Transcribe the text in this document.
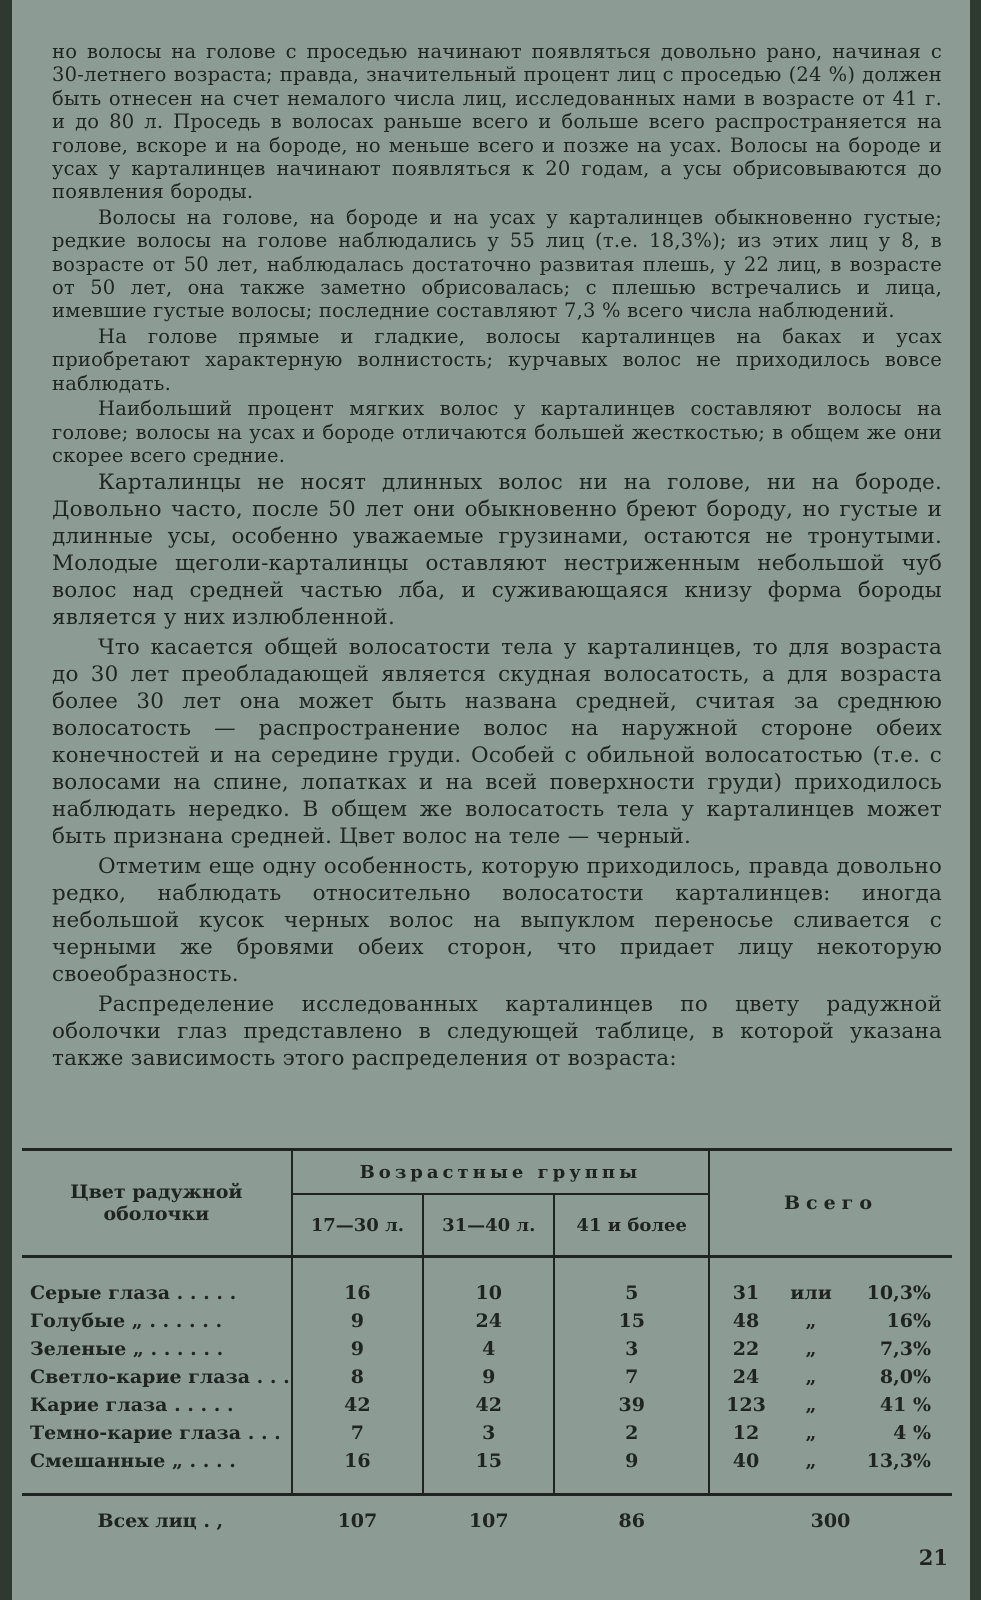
но волосы на голове с проседью начинают появляться довольно рано, начиная с 30-летнего возраста; правда, значительный процент лиц с проседью (24 %) должен быть отнесен на счет немалого числа лиц, исследованных нами в возрасте от 41 г. и до 80 л. Проседь в волосах раньше всего и больше всего распространяется на голове, вскоре и на бороде, но меньше всего и позже на усах. Волосы на бороде и усах у карталинцев начинают появляться к 20 годам, а усы обрисовываются до появления бороды.

Волосы на голове, на бороде и на усах у карталинцев обыкновенно густые; редкие волосы на голове наблюдались у 55 лиц (т.е. 18,3%); из этих лиц у 8, в возрасте от 50 лет, наблюдалась достаточно развитая плешь, у 22 лиц, в возрасте от 50 лет, она также заметно обрисовалась; с плешью встречались и лица, имевшие густые волосы; последние составляют 7,3 % всего числа наблюдений.

На голове прямые и гладкие, волосы карталинцев на баках и усах приобретают характерную волнистость; курчавых волос не приходилось вовсе наблюдать.

Наибольший процент мягких волос у карталинцев составляют волосы на голове; волосы на усах и бороде отличаются большей жесткостью; в общем же они скорее всего средние.

Карталинцы не носят длинных волос ни на голове, ни на бороде. Довольно часто, после 50 лет они обыкновенно бреют бороду, но густые и длинные усы, особенно уважаемые грузинами, остаются не тронутыми. Молодые щеголи-карталинцы оставляют нестриженным небольшой чуб волос над средней частью лба, и суживающаяся книзу форма бороды является у них излюбленной.

Что касается общей волосатости тела у карталинцев, то для возраста до 30 лет преобладающей является скудная волосатость, а для возраста более 30 лет она может быть названа средней, считая за среднюю волосатость — распространение волос на наружной стороне обеих конечностей и на середине груди. Особей с обильной волосатостью (т.е. с волосами на спине, лопатках и на всей поверхности груди) приходилось наблюдать нередко. В общем же волосатость тела у карталинцев может быть признана средней. Цвет волос на теле — черный.

Отметим еще одну особенность, которую приходилось, правда довольно редко, наблюдать относительно волосатости карталинцев: иногда небольшой кусок черных волос на выпуклом переносье сливается с черными же бровями обеих сторон, что придает лицу некоторую своеобразность.

Распределение исследованных карталинцев по цвету радужной оболочки глаз представлено в следующей таблице, в которой указана также зависимость этого распределения от возраста:

Цвет радужной оболочки	Возрастные группы			Всего
	17—30 л.	31—40 л.	41 и более	

Серые глаза . . . . .	16	10	5	31 или 10,3%
Голубые „ . . . . . .	9	24	15	48 „ 16%
Зеленые „ . . . . . .	9	4	3	22 „ 7,3%
Светло-карие глаза . . .	8	9	7	24 „ 8,0%
Карие глаза . . . . .	42	42	39	123 „ 41 %
Темно-карие глаза . . .	7	3	2	12 „ 4 %
Смешанные „ . . . .	16	15	9	40 „ 13,3%

Всех лиц . ,	107	107	86	300
21
